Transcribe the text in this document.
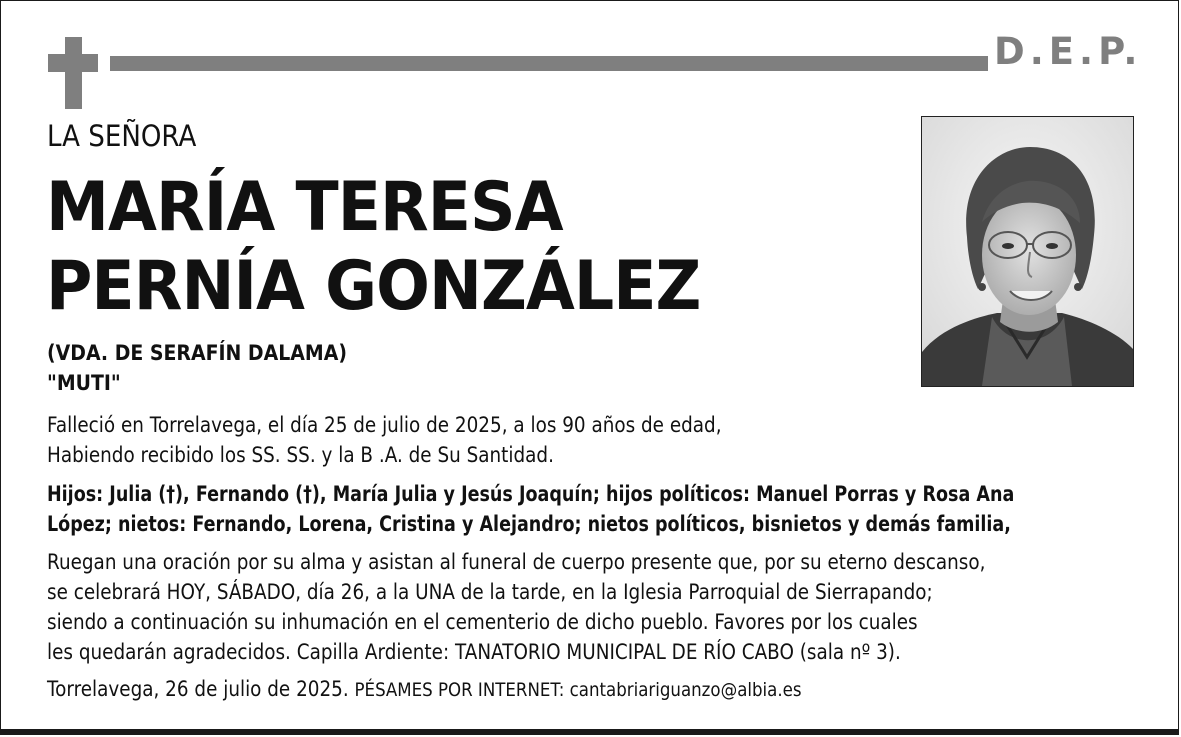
D.E.P.
LA SEÑORA
MARÍA TERESA
PERNÍA GONZÁLEZ
(VDA. DE SERAFÍN DALAMA)
"MUTI"
Falleció en Torrelavega, el día 25 de julio de 2025, a los 90 años de edad,
Habiendo recibido los SS. SS. y la B .A. de Su Santidad.
Hijos: Julia (†), Fernando (†), María Julia y Jesús Joaquín; hijos políticos: Manuel Porras y Rosa Ana
López; nietos: Fernando, Lorena, Cristina y Alejandro; nietos políticos, bisnietos y demás familia,
Ruegan una oración por su alma y asistan al funeral de cuerpo presente que, por su eterno descanso,
se celebrará HOY, SÁBADO, día 26, a la UNA de la tarde, en la Iglesia Parroquial de Sierrapando;
siendo a continuación su inhumación en el cementerio de dicho pueblo. Favores por los cuales
les quedarán agradecidos. Capilla Ardiente: TANATORIO MUNICIPAL DE RÍO CABO (sala nº 3).
Torrelavega, 26 de julio de 2025. PÉSAMES POR INTERNET: cantabriariguanzo@albia.es
